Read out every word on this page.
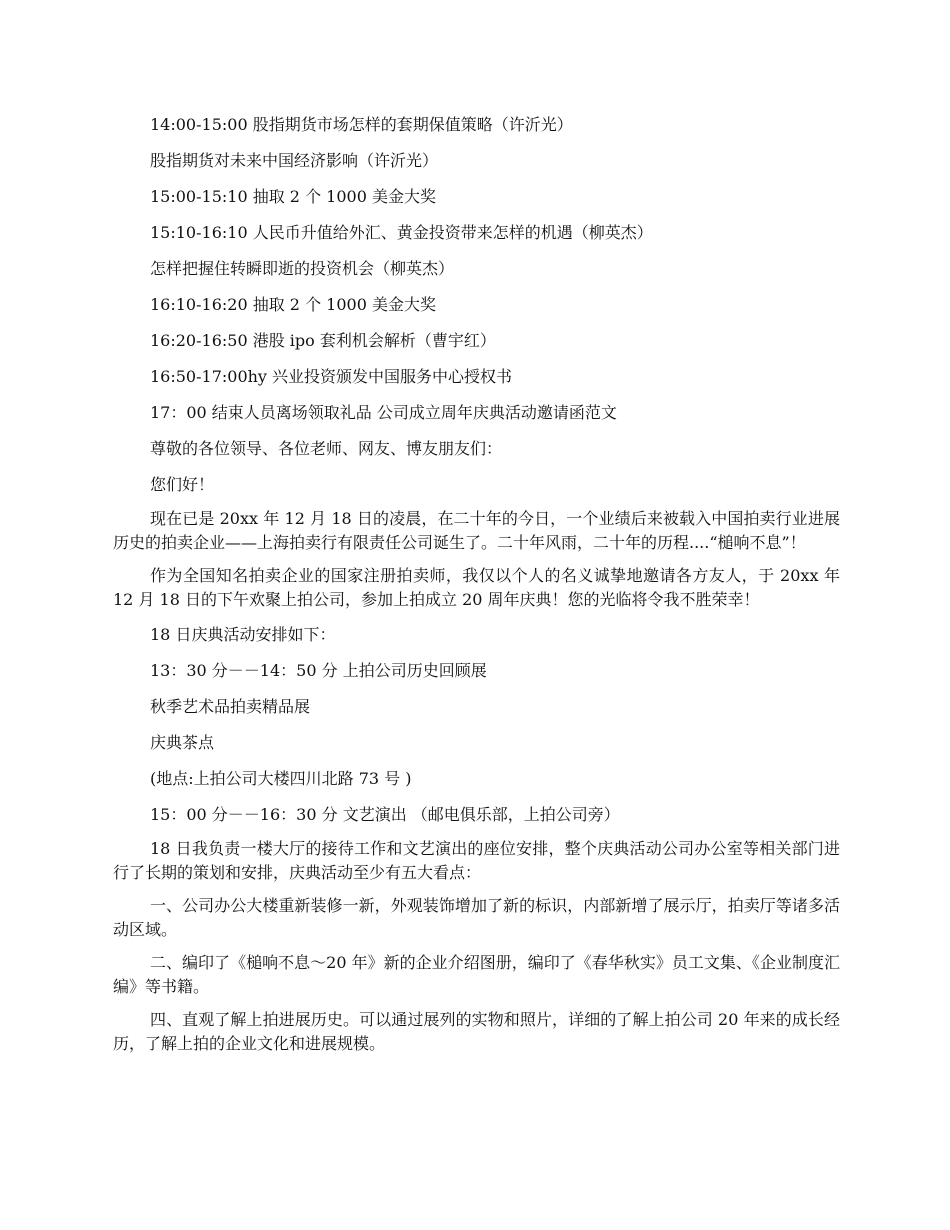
14:00-15:00 股指期货市场怎样的套期保值策略（许沂光）
股指期货对未来中国经济影响（许沂光）
15:00-15:10 抽取 2 个 1000 美金大奖
15:10-16:10 人民币升值给外汇、黄金投资带来怎样的机遇（柳英杰）
怎样把握住转瞬即逝的投资机会（柳英杰）
16:10-16:20 抽取 2 个 1000 美金大奖
16:20-16:50 港股 ipo 套利机会解析（曹宇红）
16:50-17:00hy 兴业投资颁发中国服务中心授权书
17：00 结束人员离场领取礼品 公司成立周年庆典活动邀请函范文
尊敬的各位领导、各位老师、网友、博友朋友们：
您们好！

现在已是 20xx 年 12 月 18 日的凌晨，在二十年的今日，一个业绩后来被载入中国拍卖行业进展历史的拍卖企业——上海拍卖行有限责任公司诞生了。二十年风雨，二十年的历程....“槌响不息”！

作为全国知名拍卖企业的国家注册拍卖师，我仅以个人的名义诚挚地邀请各方友人，于 20xx 年 12 月 18 日的下午欢聚上拍公司，参加上拍成立 20 周年庆典！您的光临将令我不胜荣幸！

18 日庆典活动安排如下：
13：30 分－－14：50 分 上拍公司历史回顾展
秋季艺术品拍卖精品展
庆典茶点
(地点:上拍公司大楼四川北路 73 号 )
15：00 分－－16：30 分 文艺演出 （邮电俱乐部，上拍公司旁）

18 日我负责一楼大厅的接待工作和文艺演出的座位安排，整个庆典活动公司办公室等相关部门进行了长期的策划和安排，庆典活动至少有五大看点：

一、公司办公大楼重新装修一新，外观装饰增加了新的标识，内部新增了展示厅，拍卖厅等诸多活动区域。

二、编印了《槌响不息～20 年》新的企业介绍图册，编印了《春华秋实》员工文集、《企业制度汇编》等书籍。

四、直观了解上拍进展历史。可以通过展列的实物和照片，详细的了解上拍公司 20 年来的成长经历，了解上拍的企业文化和进展规模。
